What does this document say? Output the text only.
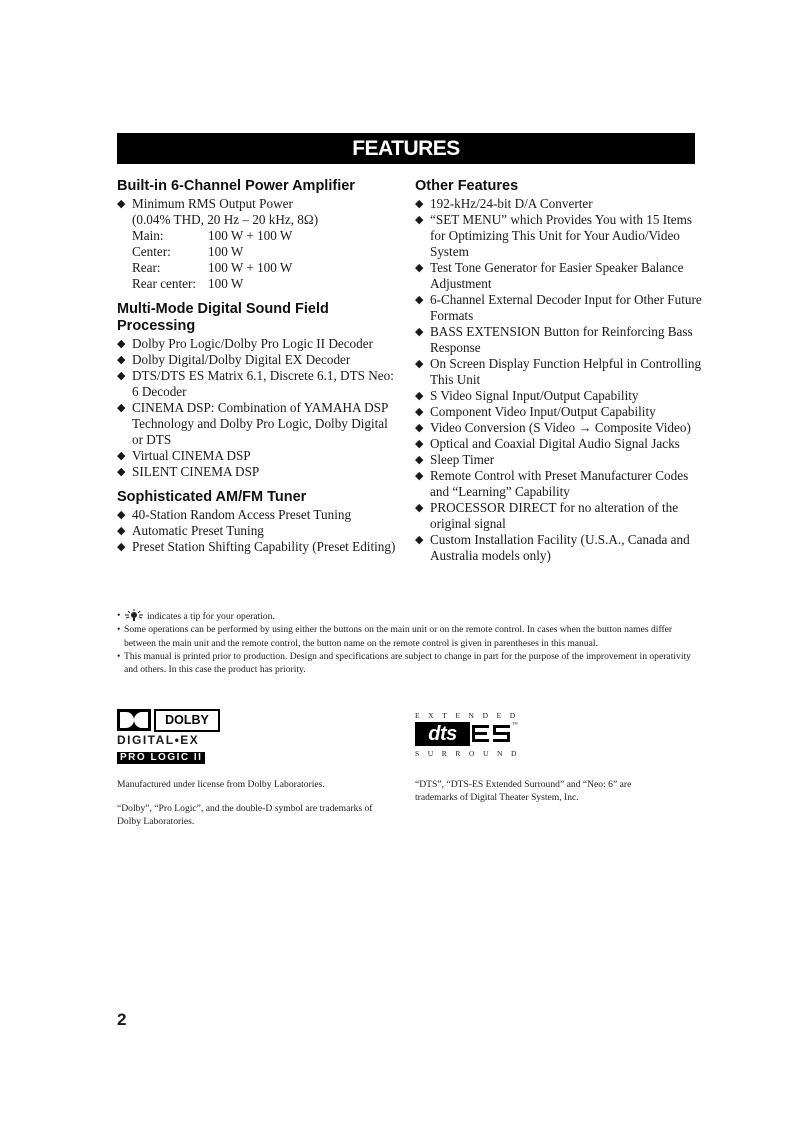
FEATURES
Built-in 6-Channel Power Amplifier
◆ Minimum RMS Output Power
(0.04% THD, 20 Hz – 20 kHz, 8Ω)
Main:	100 W + 100 W
Center:	100 W
Rear:	100 W + 100 W
Rear center: 100 W
Multi-Mode Digital Sound Field Processing
◆ Dolby Pro Logic/Dolby Pro Logic II Decoder
◆ Dolby Digital/Dolby Digital EX Decoder
◆ DTS/DTS ES Matrix 6.1, Discrete 6.1, DTS Neo: 6 Decoder
◆ CINEMA DSP: Combination of YAMAHA DSP Technology and Dolby Pro Logic, Dolby Digital or DTS
◆ Virtual CINEMA DSP
◆ SILENT CINEMA DSP
Sophisticated AM/FM Tuner
◆ 40-Station Random Access Preset Tuning
◆ Automatic Preset Tuning
◆ Preset Station Shifting Capability (Preset Editing)
Other Features
◆ 192-kHz/24-bit D/A Converter
◆ “SET MENU” which Provides You with 15 Items for Optimizing This Unit for Your Audio/Video System
◆ Test Tone Generator for Easier Speaker Balance Adjustment
◆ 6-Channel External Decoder Input for Other Future Formats
◆ BASS EXTENSION Button for Reinforcing Bass Response
◆ On Screen Display Function Helpful in Controlling This Unit
◆ S Video Signal Input/Output Capability
◆ Component Video Input/Output Capability
◆ Video Conversion (S Video → Composite Video)
◆ Optical and Coaxial Digital Audio Signal Jacks
◆ Sleep Timer
◆ Remote Control with Preset Manufacturer Codes and “Learning” Capability
◆ PROCESSOR DIRECT for no alteration of the original signal
◆ Custom Installation Facility (U.S.A., Canada and Australia models only)
•	indicates a tip for your operation.
• Some operations can be performed by using either the buttons on the main unit or on the remote control. In cases when the button names differ between the main unit and the remote control, the button name on the remote control is given in parentheses in this manual.
• This manual is printed prior to production. Design and specifications are subject to change in part for the purpose of the improvement in operativity and others. In this case the product has priority.
DOLBY
DIGITAL•EX
PRO LOGIC II
EXTENDED
dts	™
SURROUND

Manufactured under license from Dolby Laboratories.

“Dolby”, “Pro Logic”, and the double-D symbol are trademarks of Dolby Laboratories.

“DTS”, “DTS-ES Extended Surround” and “Neo: 6” are trademarks of Digital Theater System, Inc.

2
